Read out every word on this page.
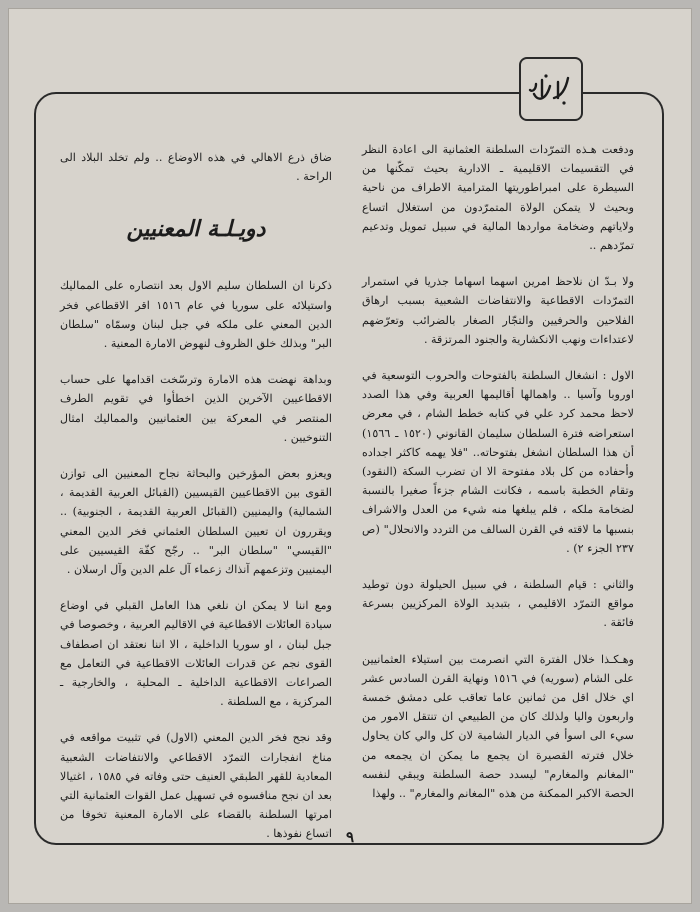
ودفعت هـذه التمرّدات السلطنة العثمانية الى اعادة النظر في التقسيمات الاقليمية ـ الادارية بحيث تمكّنها من السيطرة على امبراطوريتها المترامية الاطراف من ناحية وبحيث لا يتمكن الولاة المتمرّدون من استغلال اتساع ولاياتهم وضخامة مواردها المالية في سبيل تمويل وتدعيم تمرّدهم ..

ولا بـدّ ان نلاحظ امرين اسهما اسهاما جذريا في استمرار التمرّدات الاقطاعية والانتفاضات الشعبية بسبب ارهاق الفلاحين والحرفيين والتجّار الصغار بالضرائب وتعرّضهم لاعتداءات ونهب الانكشارية والجنود المرتزقة .

الاول : انشغال السلطنة بالفتوحات والحروب التوسعية في اوروبا وآسيا .. واهمالها أقاليمها العربية وفي هذا الصدد لاحظ محمد كرد علي في كتابه خطط الشام ، في معرض استعراضه فترة السلطان سليمان القانوني (١٥٢٠ ـ ١٥٦٦) أن هذا السلطان انشغل بفتوحاته.. "فلا يهمه كاكثر اجداده وأحفاده من كل بلاد مفتوحة الا ان تضرب السكة (النقود) وتقام الخطبة باسمه ، فكانت الشام جزءاً صغيرا بالنسبة لضخامة ملكه ، فلم يبلغها منه شيء من العدل والاشراف بنسبها ما لاقته في القرن السالف من التردد والانحلال" (ص ٢٣٧ الجزء ٢) .

والثاني : قيام السلطنة ، في سبيل الحيلولة دون توطيد مواقع التمرّد الاقليمي ، بتبديد الولاة المركزيين بسرعة فائقة .

وهـكـذا خلال الفترة التي انصرمت بين استيلاء العثمانيين على الشام (سوريه) في ١٥١٦ ونهاية القرن السادس عشر اي خلال اقل من ثمانين عاما تعاقب على دمشق خمسة واربعون واليا ولذلك كان من الطبيعي ان تنتقل الامور من سيء الى اسوأ في الديار الشامية لان كل والي كان يحاول خلال فترته القصيرة ان يجمع ما يمكن ان يجمعه من "المغانم والمغارم" ليسدد حصة السلطنة ويبقي لنفسه الحصة الاكبر الممكنة من هذه "المغانم والمغارم" .. ولهذا

ضاق ذرع الاهالي في هذه الاوضاع .. ولم تخلد البلاد الى الراحة .

دويـلـة المعنيين

ذكرنا ان السلطان سليم الاول بعد انتصاره على المماليك واستيلائه على سوريا في عام ١٥١٦ اقر الاقطاعي فخر الدين المعني على ملكه في جبل لبنان وسمّاه "سلطان البر" وبذلك خلق الظروف لنهوض الامارة المعنية .

وبداهة نهضت هذه الامارة وترسّخت اقدامها على حساب الاقطاعيين الآخرين الذين اخطأوا في تقويم الطرف المنتصر في المعركة بين العثمانيين والمماليك امثال التنوخيين .

ويعزو بعض المؤرخين والبحاثة نجاح المعنيين الى توازن القوى بين الاقطاعيين القيسيين (القبائل العربية القديمة ، الشمالية) واليمنيين (القبائل العربية القديمة ، الجنوبية) .. ويقررون ان تعيين السلطان العثماني فخر الدين المعني "القيسي" "سلطان البر" .. رجّح كفّة القيسيين على اليمنيين وتزعمهم آنذاك زعماء آل علم الدين وآل ارسلان .

ومع اننا لا يمكن ان نلغي هذا العامل القبلي في اوضاع سيادة العائلات الاقطاعية في الاقاليم العربية ، وخصوصا في جبل لبنان ، او سوريا الداخلية ، الا اننا نعتقد ان اصطفاف القوى نجم عن قدرات العائلات الاقطاعية في التعامل مع الصراعات الاقطاعية الداخلية ـ المحلية ، والخارجية ـ المركزية ، مع السلطنة .

وقد نجح فخر الدين المعني (الاول) في تثبيت مواقعه في مناخ انفجارات التمرّد الاقطاعي والانتفاضات الشعبية المعادية للقهر الطبقي العنيف حتى وفاته في ١٥٨٥ ، اغتيالا بعد ان نجح منافسوه في تسهيل عمل القوات العثمانية التي امرتها السلطنة بالقضاء على الامارة المعنية تخوفا من اتساع نفوذها . ٩
